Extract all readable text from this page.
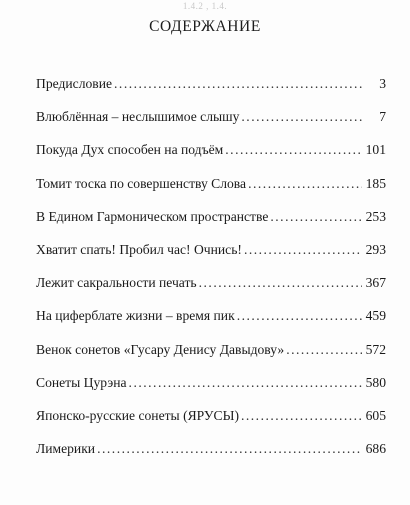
1.4.2 , 1.4.
СОДЕРЖАНИЕ
Предисловие .....	3
Влюблённая – неслышимое слышу .....	7
Покуда Дух способен на подъём .....	101
Томит тоска по совершенству Слова .....	185
В Едином Гармоническом пространстве .....	253
Хватит спать! Пробил час! Очнись! .....	293
Лежит сакральности печать .....	367
На циферблате жизни – время пик .....	459
Венок сонетов «Гусару Денису Давыдову» .....	572
Сонеты Цурэна .....	580
Японско-русские сонеты (ЯРУСЫ) .....	605
Лимерики .....	686
